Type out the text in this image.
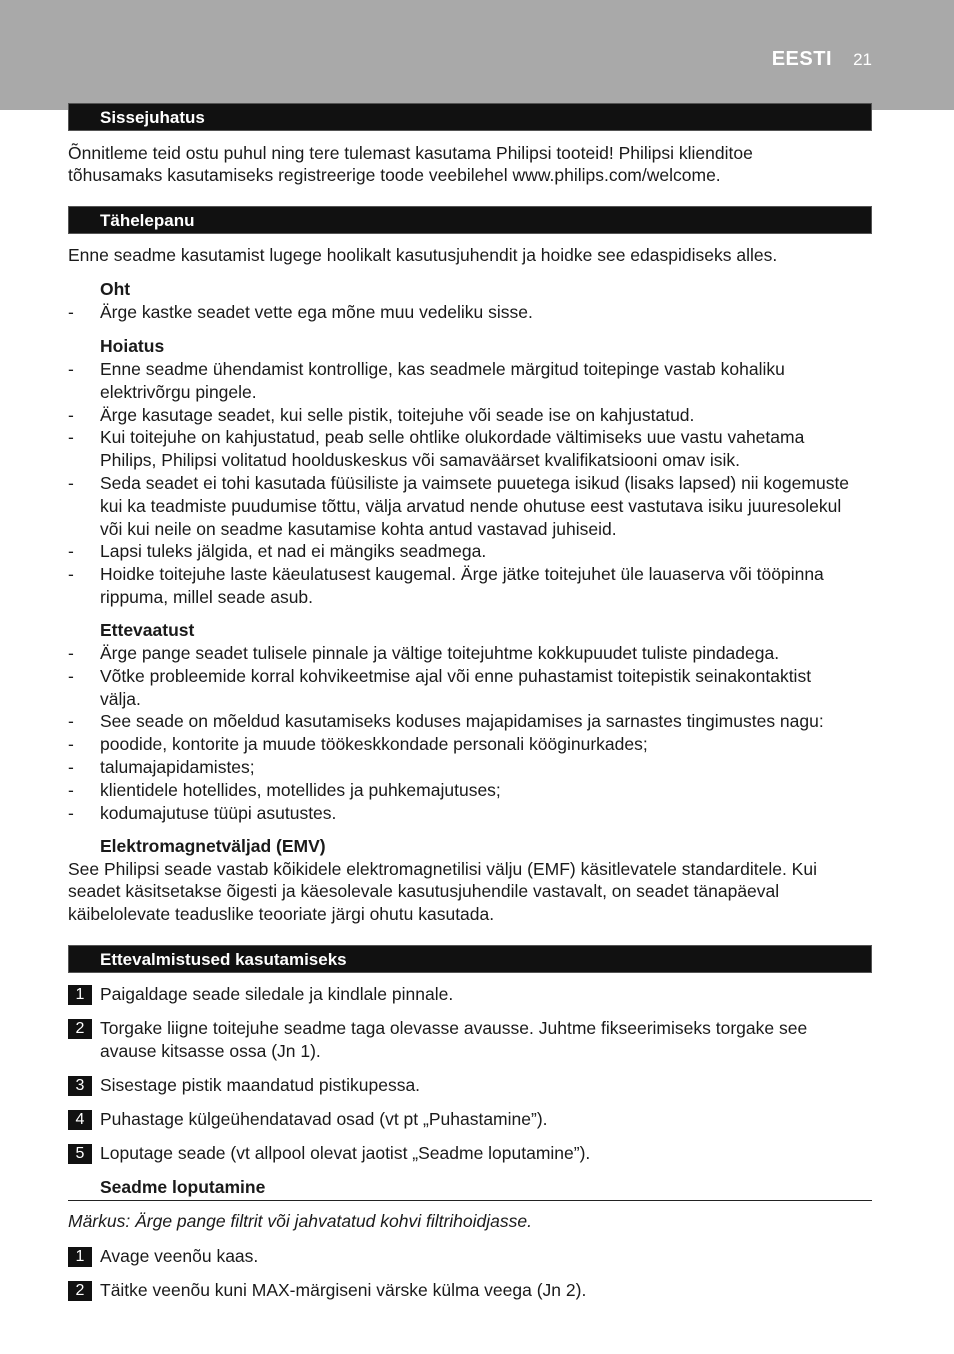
EESTI 21
Sissejuhatus
Õnnitleme teid ostu puhul ning tere tulemast kasutama Philipsi tooteid! Philipsi klienditoe
tõhusamaks kasutamiseks registreerige toode veebilehel www.philips.com/welcome.
Tähelepanu
Enne seadme kasutamist lugege hoolikalt kasutusjuhendit ja hoidke see edaspidiseks alles.
Oht
- Ärge kastke seadet vette ega mõne muu vedeliku sisse.
Hoiatus
- Enne seadme ühendamist kontrollige, kas seadmele märgitud toitepinge vastab kohaliku
elektrivõrgu pingele.
- Ärge kasutage seadet, kui selle pistik, toitejuhe või seade ise on kahjustatud.
- Kui toitejuhe on kahjustatud, peab selle ohtlike olukordade vältimiseks uue vastu vahetama
Philips, Philipsi volitatud hoolduskeskus või samaväärset kvalifikatsiooni omav isik.
- Seda seadet ei tohi kasutada füüsiliste ja vaimsete puuetega isikud (lisaks lapsed) nii kogemuste
kui ka teadmiste puudumise tõttu, välja arvatud nende ohutuse eest vastutava isiku juuresolekul
või kui neile on seadme kasutamise kohta antud vastavad juhiseid.
- Lapsi tuleks jälgida, et nad ei mängiks seadmega.
- Hoidke toitejuhe laste käeulatusest kaugemal. Ärge jätke toitejuhet üle lauaserva või tööpinna
rippuma, millel seade asub.
Ettevaatust
- Ärge pange seadet tulisele pinnale ja vältige toitejuhtme kokkupuudet tuliste pindadega.
- Võtke probleemide korral kohvikeetmise ajal või enne puhastamist toitepistik seinakontaktist
välja.
- See seade on mõeldud kasutamiseks koduses majapidamises ja sarnastes tingimustes nagu:
- poodide, kontorite ja muude töökeskkondade personali kööginurkades;
- talumajapidamistes;
- klientidele hotellides, motellides ja puhkemajutuses;
- kodumajutuse tüüpi asutustes.
Elektromagnetväljad (EMV)
See Philipsi seade vastab kõikidele elektromagnetilisi välju (EMF) käsitlevatele standarditele. Kui
seadet käsitsetakse õigesti ja käesolevale kasutusjuhendile vastavalt, on seadet tänapäeval
käibelolevate teaduslike teooriate järgi ohutu kasutada.
Ettevalmistused kasutamiseks
1 Paigaldage seade siledale ja kindlale pinnale.
2 Torgake liigne toitejuhe seadme taga olevasse avausse. Juhtme fikseerimiseks torgake see
avause kitsasse ossa (Jn 1).
3 Sisestage pistik maandatud pistikupessa.
4 Puhastage külgeühendatavad osad (vt pt „Puhastamine”).
5 Loputage seade (vt allpool olevat jaotist „Seadme loputamine”).
Seadme loputamine
Märkus: Ärge pange filtrit või jahvatatud kohvi filtrihoidjasse.
1 Avage veenõu kaas.
2 Täitke veenõu kuni MAX-märgiseni värske külma veega (Jn 2).
